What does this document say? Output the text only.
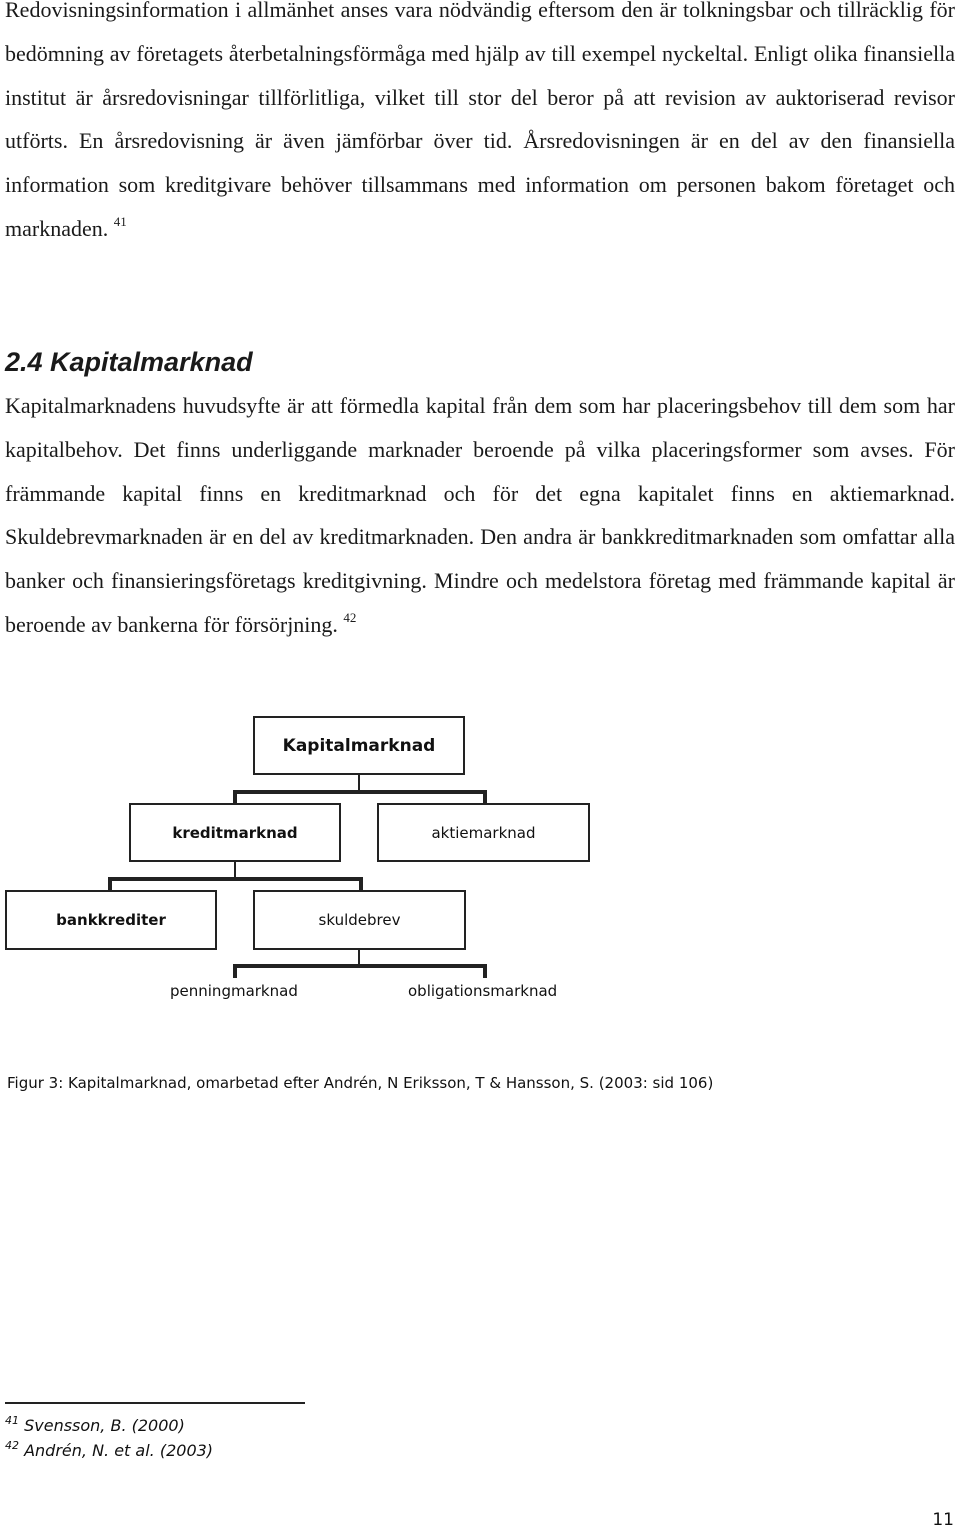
Redovisningsinformation i allmänhet anses vara nödvändig eftersom den är tolkningsbar och tillräcklig för bedömning av företagets återbetalningsförmåga med hjälp av till exempel nyckeltal. Enligt olika finansiella institut är årsredovisningar tillförlitliga, vilket till stor del beror på att revision av auktoriserad revisor utförts. En årsredovisning är även jämförbar över tid. Årsredovisningen är en del av den finansiella information som kreditgivare behöver tillsammans med information om personen bakom företaget och marknaden. $^{41}$

2.4 Kapitalmarknad

Kapitalmarknadens huvudsyfte är att förmedla kapital från dem som har placeringsbehov till dem som har kapitalbehov. Det finns underliggande marknader beroende på vilka placeringsformer som avses. För främmande kapital finns en kreditmarknad och för det egna kapitalet finns en aktiemarknad. Skuldebrevmarknaden är en del av kreditmarknaden. Den andra är bankkreditmarknaden som omfattar alla banker och finansieringsföretags kreditgivning. Mindre och medelstora företag med främmande kapital är beroende av bankerna för försörjning. $^{42}$

Kapitalmarknad
kreditmarknad	aktiemarknad
bankkrediter	skuldebrev
penningmarknad	obligationsmarknad
Figur 3: Kapitalmarknad, omarbetad efter Andrén, N Eriksson, T & Hansson, S. (2003: sid 106)
$^{41}$ Svensson, B. (2000)
$^{42}$ Andrén, N. et al. (2003)
11
